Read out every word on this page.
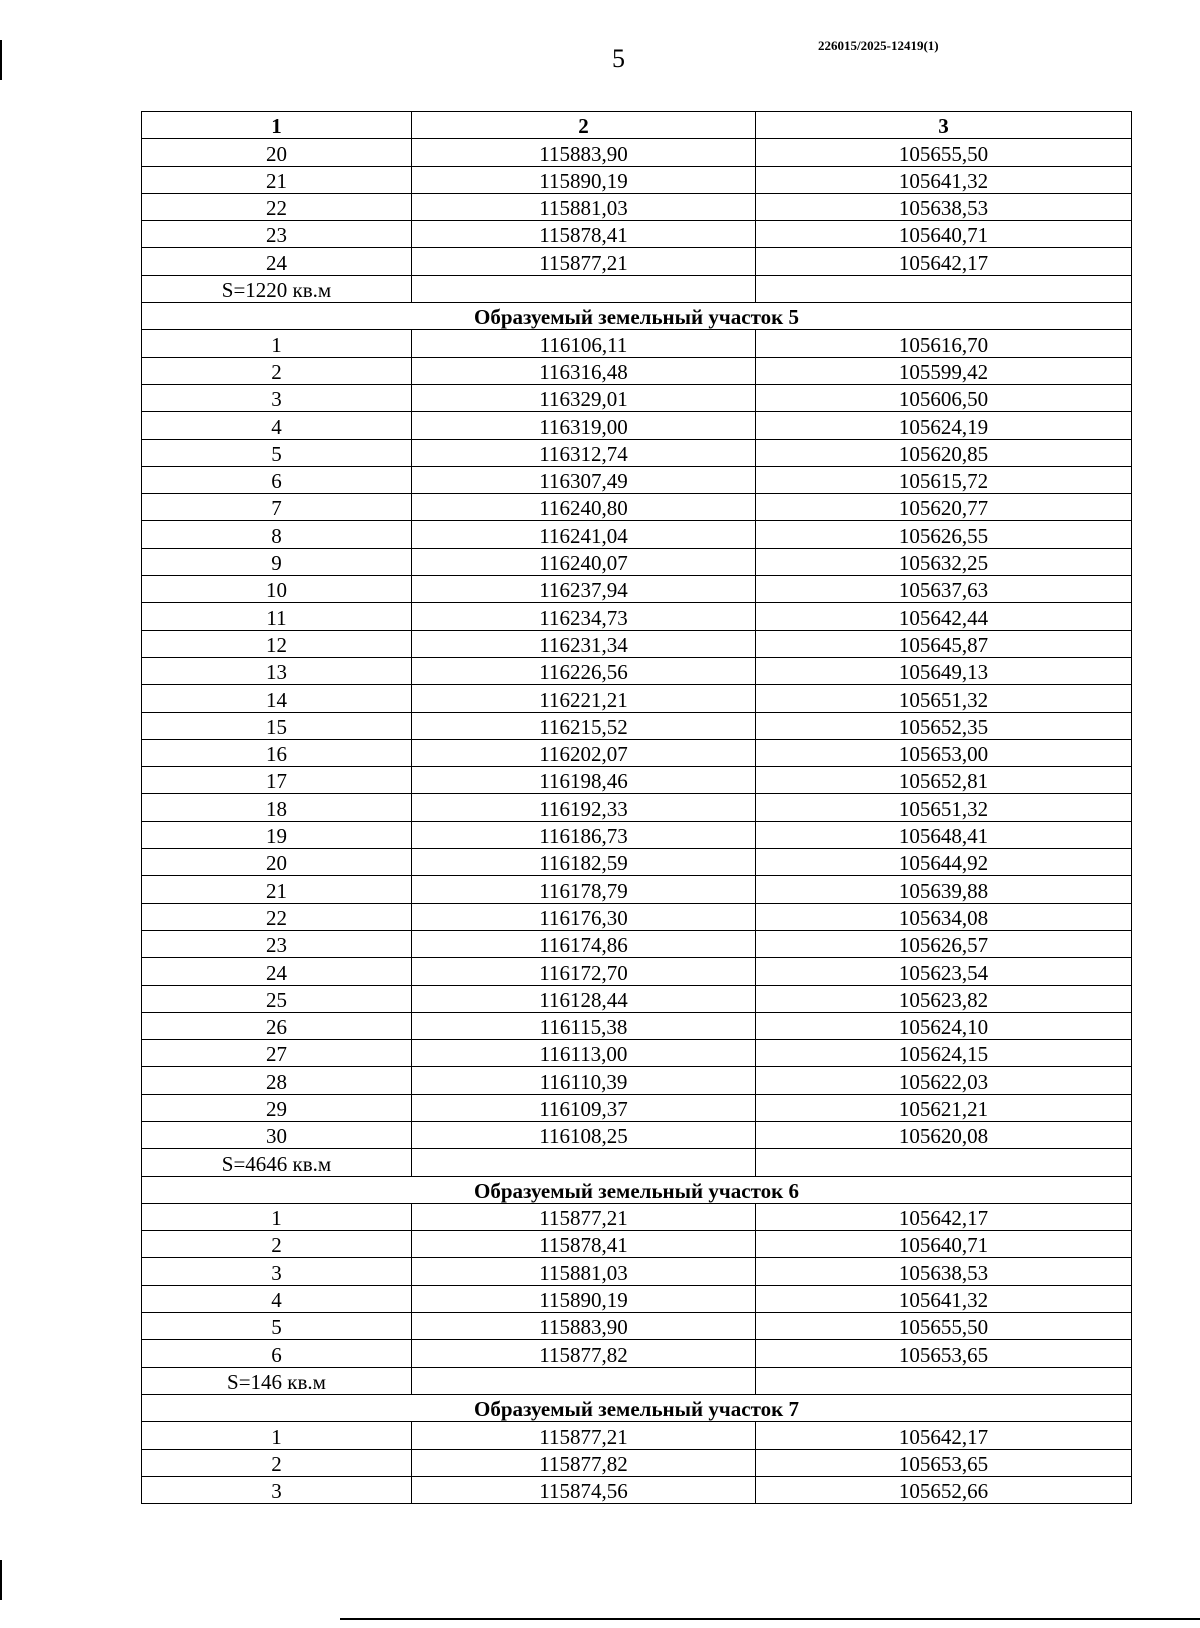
5	226015/2025-12419(1)
1	2	3
20	115883,90	105655,50
21	115890,19	105641,32
22	115881,03	105638,53
23	115878,41	105640,71
24	115877,21	105642,17
S=1220 кв.м		
Образуемый земельный участок 5		
1	116106,11	105616,70
2	116316,48	105599,42
3	116329,01	105606,50
4	116319,00	105624,19
5	116312,74	105620,85
6	116307,49	105615,72
7	116240,80	105620,77
8	116241,04	105626,55
9	116240,07	105632,25
10	116237,94	105637,63
11	116234,73	105642,44
12	116231,34	105645,87
13	116226,56	105649,13
14	116221,21	105651,32
15	116215,52	105652,35
16	116202,07	105653,00
17	116198,46	105652,81
18	116192,33	105651,32
19	116186,73	105648,41
20	116182,59	105644,92
21	116178,79	105639,88
22	116176,30	105634,08
23	116174,86	105626,57
24	116172,70	105623,54
25	116128,44	105623,82
26	116115,38	105624,10
27	116113,00	105624,15
28	116110,39	105622,03
29	116109,37	105621,21
30	116108,25	105620,08
S=4646 кв.м		
Образуемый земельный участок 6		
1	115877,21	105642,17
2	115878,41	105640,71
3	115881,03	105638,53
4	115890,19	105641,32
5	115883,90	105655,50
6	115877,82	105653,65
S=146 кв.м		
Образуемый земельный участок 7		
1	115877,21	105642,17
2	115877,82	105653,65
3	115874,56	105652,66
